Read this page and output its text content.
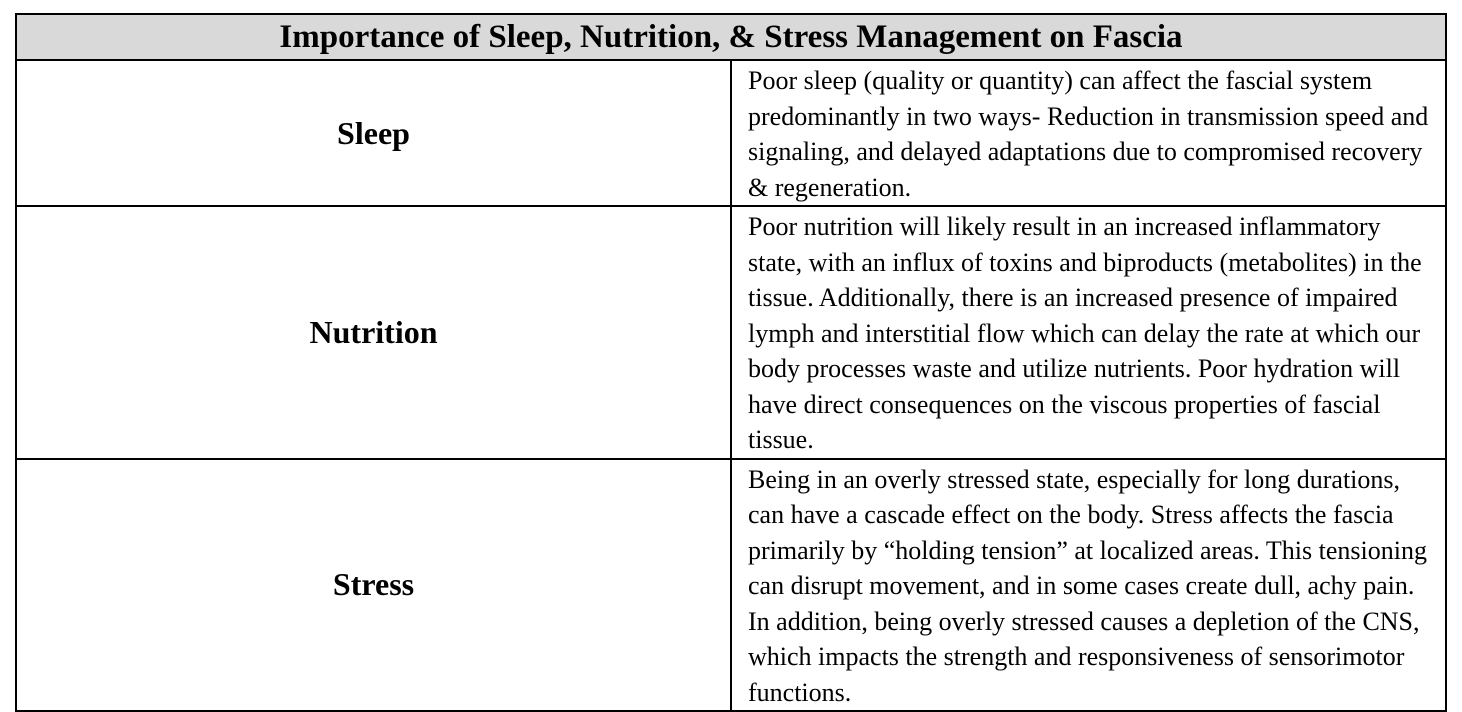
Importance of Sleep, Nutrition, & Stress Management on Fascia	
Sleep	Poor sleep (quality or quantity) can affect the fascial system predominantly in two ways- Reduction in transmission speed and signaling, and delayed adaptations due to compromised recovery & regeneration.
Nutrition	Poor nutrition will likely result in an increased inflammatory state, with an influx of toxins and biproducts (metabolites) in the tissue. Additionally, there is an increased presence of impaired lymph and interstitial flow which can delay the rate at which our body processes waste and utilize nutrients. Poor hydration will have direct consequences on the viscous properties of fascial tissue.
Stress	Being in an overly stressed state, especially for long durations, can have a cascade effect on the body. Stress affects the fascia primarily by “holding tension” at localized areas. This tensioning can disrupt movement, and in some cases create dull, achy pain. In addition, being overly stressed causes a depletion of the CNS, which impacts the strength and responsiveness of sensorimotor functions.
